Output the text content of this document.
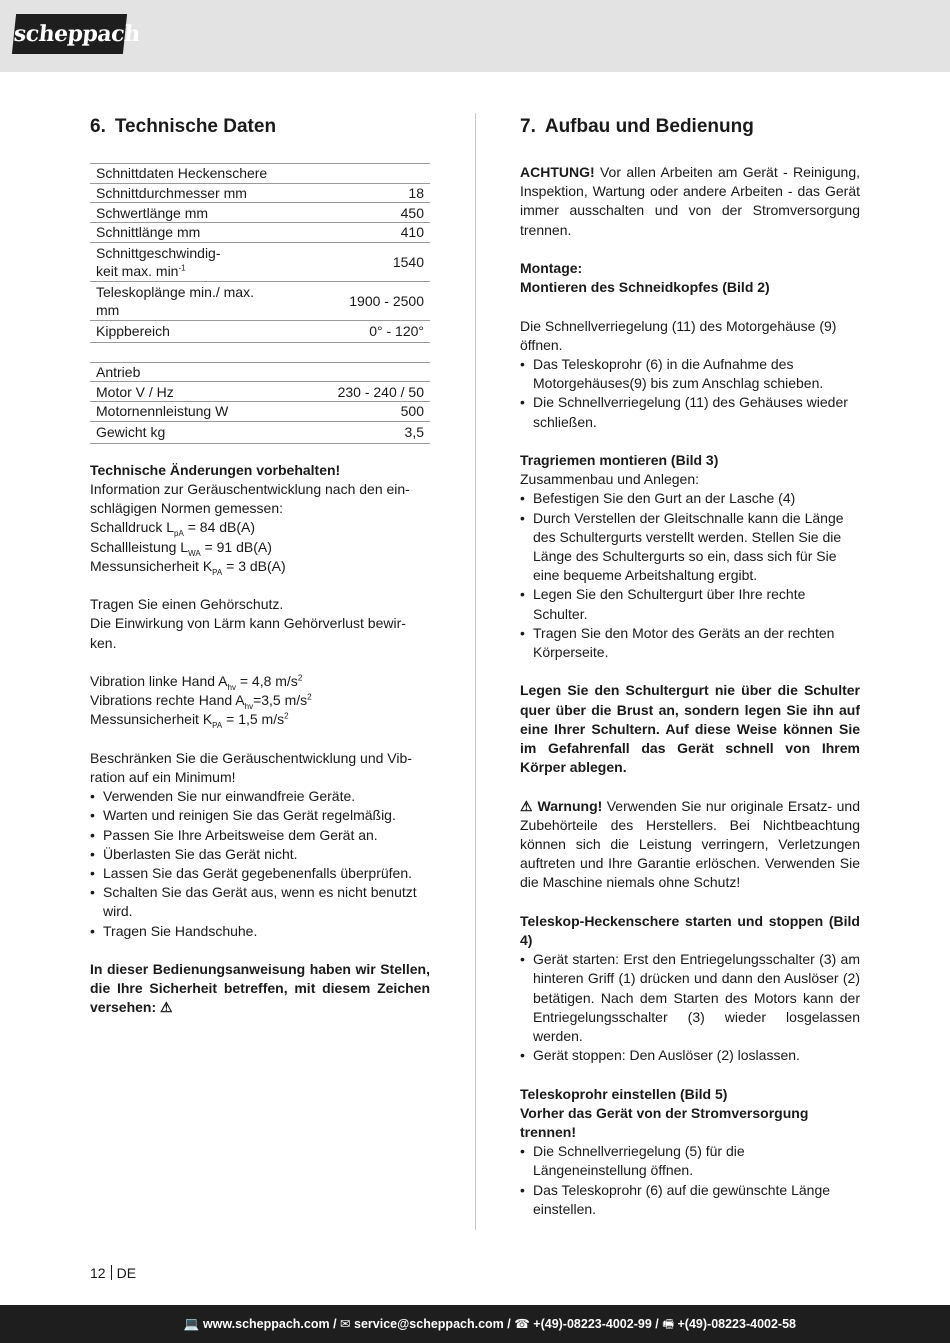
scheppach
6. Technische Daten
Schnittdaten Heckenschere	
Schnittdurchmesser mm	18
Schwertlänge mm	450
Schnittlänge mm	410
Schnittgeschwindig-
keit max. $\min^{-1}$	1540
Teleskoplänge min./ max.
mm	1900 - 2500
Kippbereich	0° - 120°
Antrieb	
Motor V / Hz	230 - 240 / 50
Motornennleistung W	500
Gewicht kg	3,5

Technische Änderungen vorbehalten!

Information zur Geräuschentwicklung nach den ein-

schlägigen Normen gemessen:

Schalldruck $L_{pA} = 84$ dB(A)

Schallleistung $L_{WA} = 91$ dB(A)

Messunsicherheit $K_{PA} = 3$ dB(A)

Tragen Sie einen Gehörschutz.

Die Einwirkung von Lärm kann Gehörverlust bewir-

ken.

Vibration linke Hand $A_{hv} = 4,8$ $m/s^2$

Vibrations rechte Hand $A_{hv}=3,5$ $m/s^2$

Messunsicherheit $K_{PA} = 1,5$ $m/s^2$

Beschränken Sie die Geräuschentwicklung und Vib-

ration auf ein Minimum!

• Verwenden Sie nur einwandfreie Geräte.
• Warten und reinigen Sie das Gerät regelmäßig.
• Passen Sie Ihre Arbeitsweise dem Gerät an.
• Überlasten Sie das Gerät nicht.
• Lassen Sie das Gerät gegebenenfalls überprüfen.
• Schalten Sie das Gerät aus, wenn es nicht benutzt wird.
• Tragen Sie Handschuhe.

In dieser Bedienungsanweisung haben wir Stellen, die Ihre Sicherheit betreffen, mit diesem Zeichen versehen: ⚠

7. Aufbau und Bedienung

ACHTUNG! Vor allen Arbeiten am Gerät - Reinigung, Inspektion, Wartung oder andere Arbeiten - das Gerät immer ausschalten und von der Stromversorgung trennen.

Montage:

Montieren des Schneidkopfes (Bild 2)

Die Schnellverriegelung (11) des Motorgehäuse (9) öffnen.

• Das Teleskoprohr (6) in die Aufnahme des Motorgehäuses(9) bis zum Anschlag schieben.
• Die Schnellverriegelung (11) des Gehäuses wieder schließen.

Tragriemen montieren (Bild 3)

Zusammenbau und Anlegen:

• Befestigen Sie den Gurt an der Lasche (4)
• Durch Verstellen der Gleitschnalle kann die Länge des Schultergurts verstellt werden. Stellen Sie die Länge des Schultergurts so ein, dass sich für Sie eine bequeme Arbeitshaltung ergibt.
• Legen Sie den Schultergurt über Ihre rechte Schulter.
• Tragen Sie den Motor des Geräts an der rechten Körperseite.

Legen Sie den Schultergurt nie über die Schulter quer über die Brust an, sondern legen Sie ihn auf eine Ihrer Schultern. Auf diese Weise können Sie im Gefahrenfall das Gerät schnell von Ihrem Körper ablegen.

⚠ Warnung! Verwenden Sie nur originale Ersatz- und Zubehörteile des Herstellers. Bei Nichtbeachtung können sich die Leistung verringern, Verletzungen auftreten und Ihre Garantie erlöschen. Verwenden Sie die Maschine niemals ohne Schutz!

Teleskop-Heckenschere starten und stoppen (Bild 4)

• Gerät starten: Erst den Entriegelungsschalter (3) am hinteren Griff (1) drücken und dann den Auslöser (2) betätigen. Nach dem Starten des Motors kann der Entriegelungsschalter (3) wieder losgelassen werden.
• Gerät stoppen: Den Auslöser (2) loslassen.

Teleskoprohr einstellen (Bild 5)

Vorher das Gerät von der Stromversorgung trennen!

• Die Schnellverriegelung (5) für die Längeneinstellung öffnen.
• Das Teleskoprohr (6) auf die gewünschte Länge einstellen.
12 DE
💻 www.scheppach.com / ✉ service@scheppach.com / ☎ +(49)-08223-4002-99 / 🖷 +(49)-08223-4002-58
